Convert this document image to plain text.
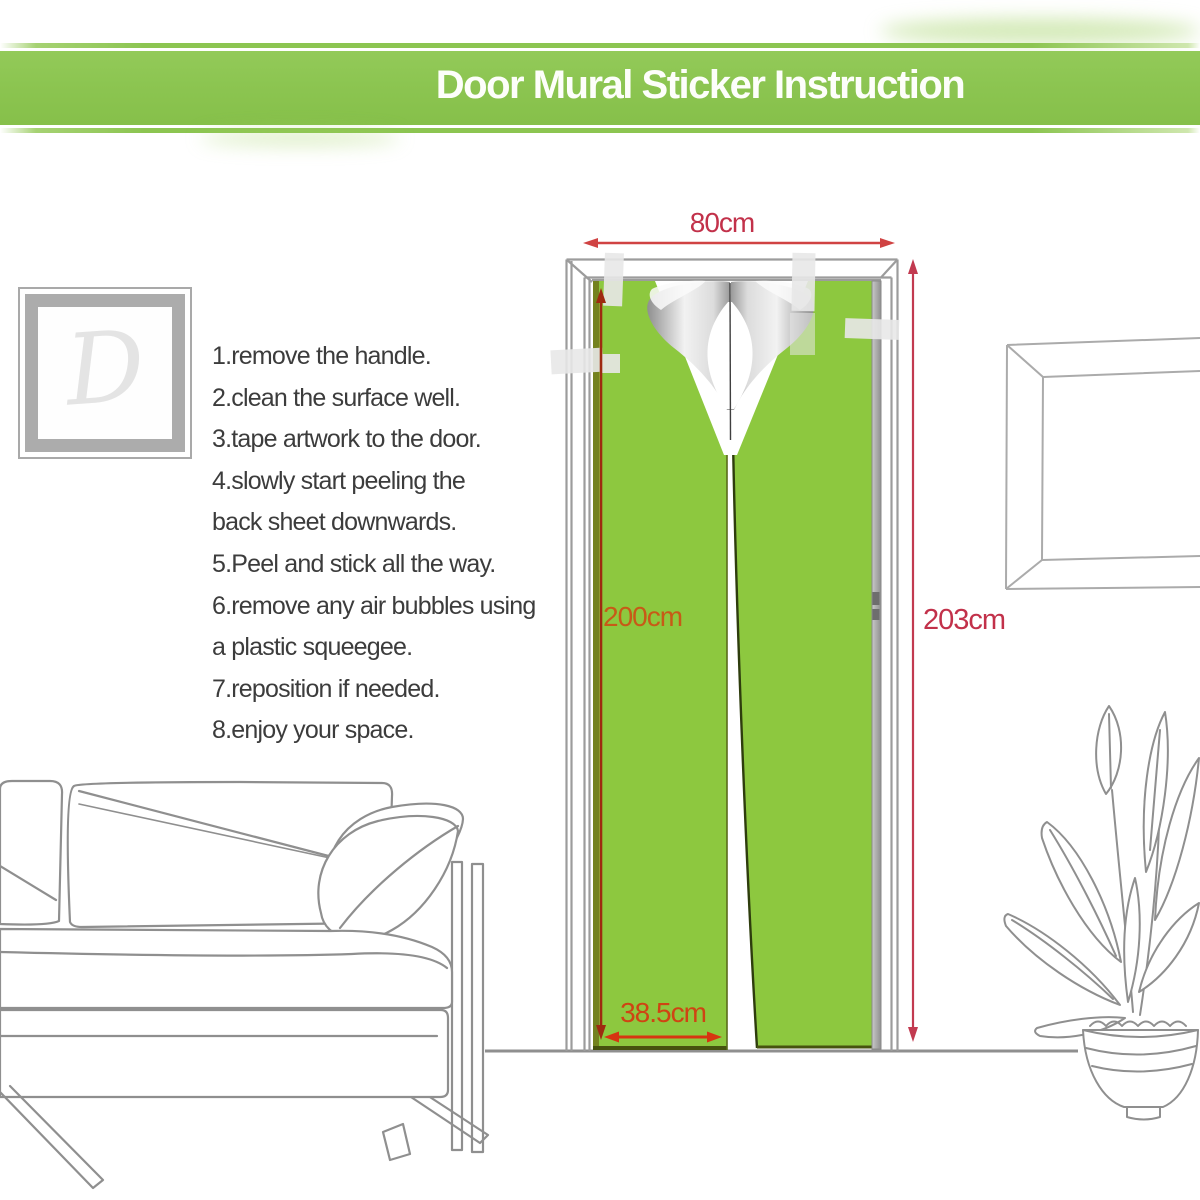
Door Mural Sticker Instruction
D	1.remove the handle.
2.clean the surface well.
3.tape artwork to the door.
4.slowly start peeling the
back sheet downwards.
5.Peel and stick all the way.
6.remove any air bubbles using
a plastic squeegee.
7.reposition if needed.
8.enjoy your space.
80cm
200cm	203cm
38.5cm
